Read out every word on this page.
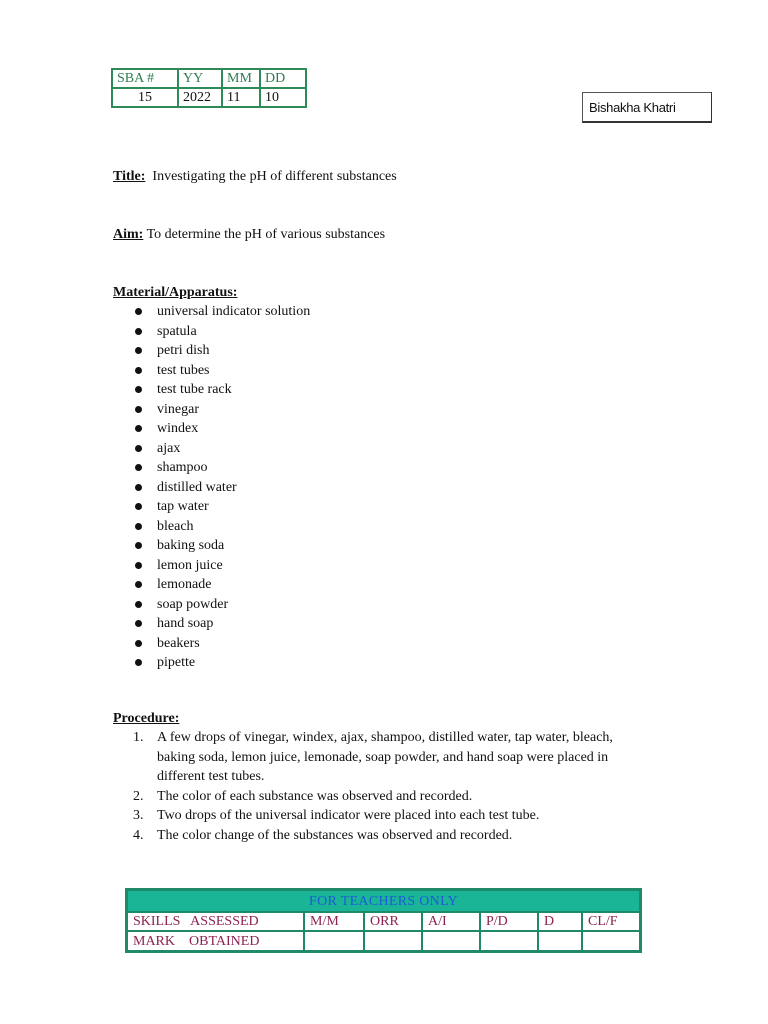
SBA #	YY	MM	DD
15	2022	11	10
Bishakha Khatri
Title: Investigating the pH of different substances
Aim: To determine the pH of various substances
Material/Apparatus:
universal indicator solution
spatula
petri dish
test tubes
test tube rack
vinegar
windex
ajax
shampoo
distilled water
tap water
bleach
baking soda
lemon juice
lemonade
soap powder
hand soap
beakers
pipette
Procedure:
1. A few drops of vinegar, windex, ajax, shampoo, distilled water, tap water, bleach, baking soda, lemon juice, lemonade, soap powder, and hand soap were placed in different test tubes.
2. The color of each substance was observed and recorded.
3. Two drops of the universal indicator were placed into each test tube.
4. The color change of the substances was observed and recorded.
FOR TEACHERS ONLY						
SKILLS   ASSESSED	M/M	ORR	A/I	P/D	D	CL/F
MARK    OBTAINED						
